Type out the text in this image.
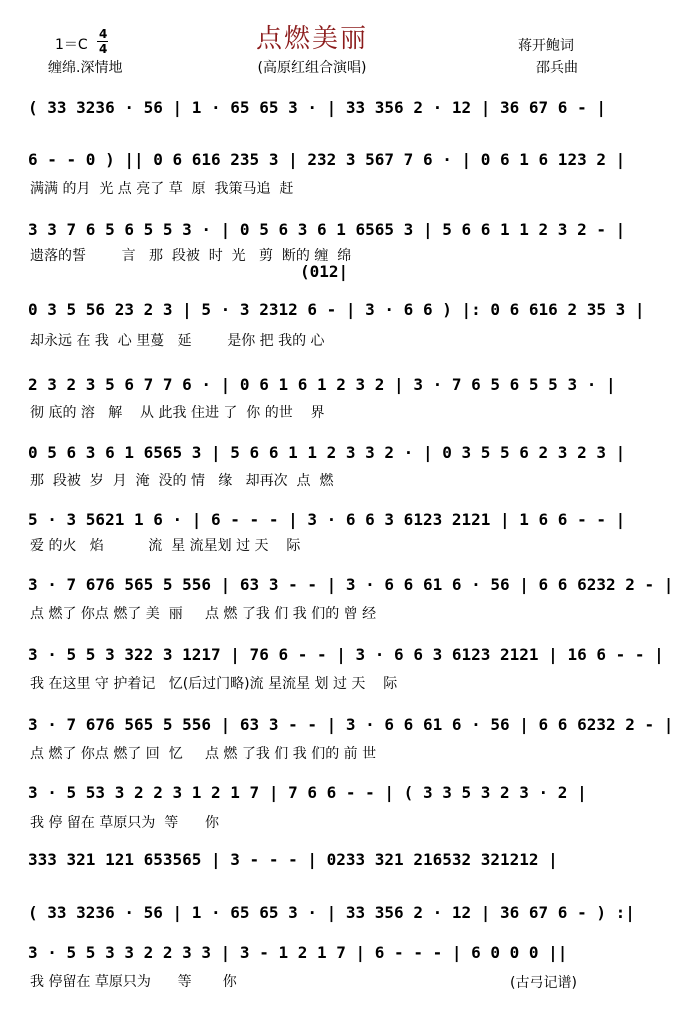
点燃美丽
(高原红组合演唱)
1＝C
4
4
缠绵.深情地
蒋开鲍词
邵兵曲
( 33 3236 · 56 | 1 · 65 65 3 · | 33 356 2 · 12 | 36 67 6 - |
6 - - 0 ) || 0 6 616 235 3 | 232 3 567 7 6 · | 0 6 1 6 123 2 |
满满 的月  光 点 亮了 草  原  我策马追  赶
3 3 7 6 5 6 5 5 3 · | 0 5 6 3 6 1 6565 3 | 5 6 6 1 1 2 3 2 - |
遗落的誓        言   那  段被  时  光   剪  断的 缠  绵
(012|
0 3 5 56 23 2 3 | 5 · 3 2312 6 - | 3 · 6 6 ) |: 0 6 616 2 35 3 |
却永远 在 我  心 里蔓   延        是你 把 我的 心
2 3 2 3 5 6 7 7 6 · | 0 6 1 6 1 2 3 2 | 3 · 7 6 5 6 5 5 3 · |
彻 底的 溶   解    从 此我 住进 了  你 的世    界
0 5 6 3 6 1 6565 3 | 5 6 6 1 1 2 3 3 2 · | 0 3 5 5 6 2 3 2 3 |
那  段被  岁  月  淹  没的 情   缘   却再次  点  燃
5 · 3 5621 1 6 · | 6 - - - | 3 · 6 6 3 6123 2121 | 1 6 6 - - |
爱 的火   焰          流  星 流星划 过 天    际
3 · 7 676 565 5 556 | 63 3 - - | 3 · 6 6 61 6 · 56 | 6 6 6232 2 - |
点 燃了 你点 燃了 美  丽     点 燃 了我 们 我 们的 曾 经
3 · 5 5 3 322 3 1217 | 76 6 - - | 3 · 6 6 3 6123 2121 | 16 6 - - |
我 在这里 守 护着记   忆(后过门略)流 星流星 划 过 天    际
3 · 7 676 565 5 556 | 63 3 - - | 3 · 6 6 61 6 · 56 | 6 6 6232 2 - |
点 燃了 你点 燃了 回  忆     点 燃 了我 们 我 们的 前 世
3 · 5 53 3 2 2 3 1 2 1 7 | 7 6 6 - - | ( 3 3 5 3 2 3 · 2 |
我 停 留在 草原只为  等      你
333 321 121 653565 | 3 - - - | 0233 321 216532 321212 |
( 33 3236 · 56 | 1 · 65 65 3 · | 33 356 2 · 12 | 36 67 6 - ) :|
3 · 5 5 3 3 2 2 3 3 | 3 - 1 2 1 7 | 6 - - - | 6 0 0 0 ||
我 停留在 草原只为      等       你	(古弓记谱)
